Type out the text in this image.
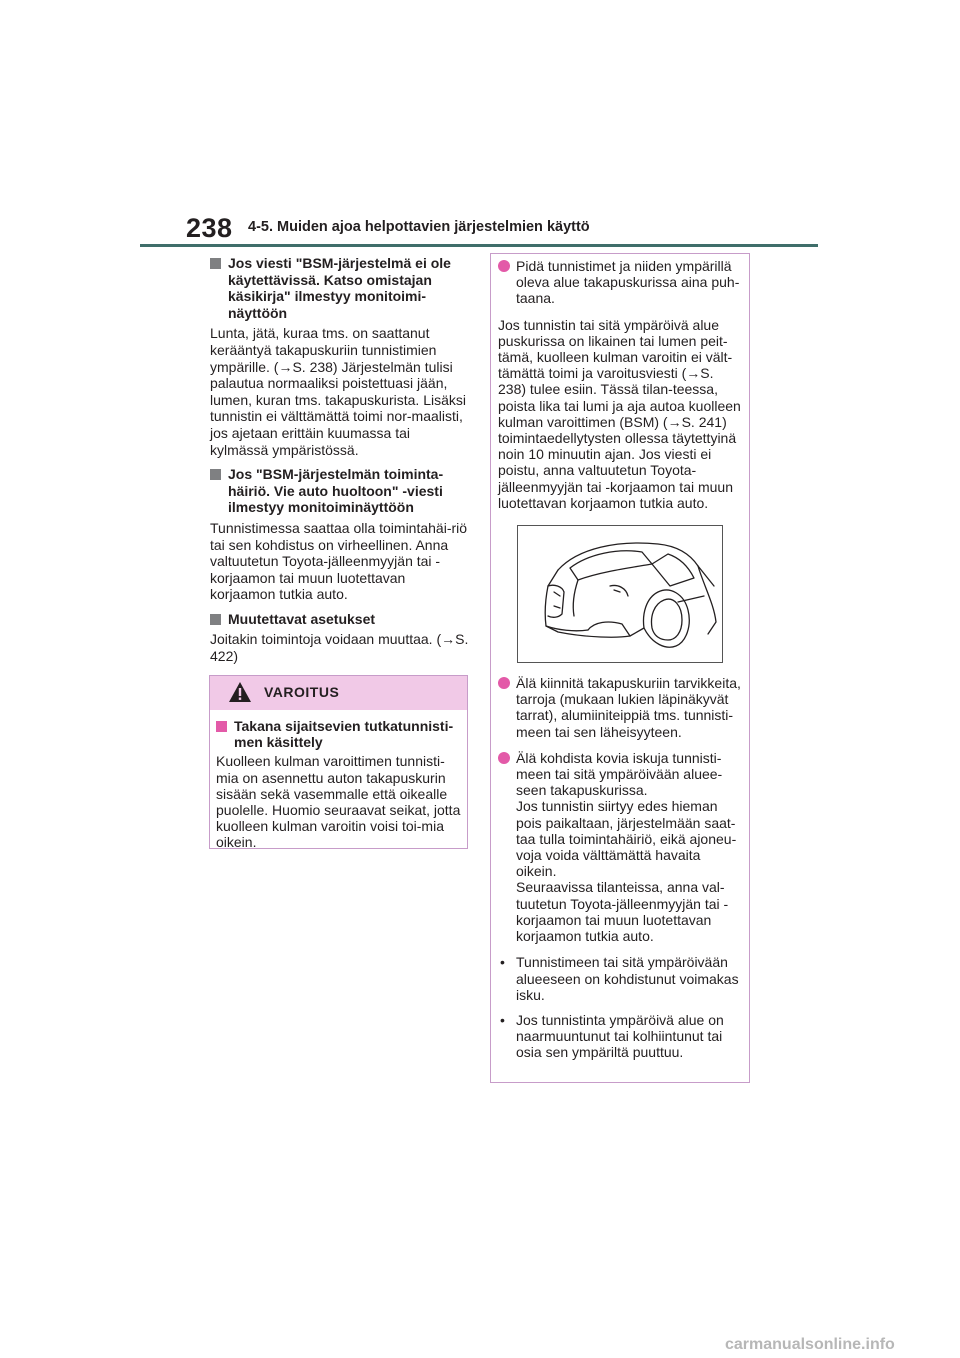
238 4-5. Muiden ajoa helpottavien järjestelmien käyttö
Jos viesti "BSM-järjestelmä ei ole käytettävissä. Katso omistajan käsikirja" ilmestyy monitoimi-näyttöön

Lunta, jätä, kuraa tms. on saattanut kerääntyä takapuskuriin tunnistimien ympärille. (→S. 238) Järjestelmän tulisi palautua normaaliksi poistettuasi jään, lumen, kuran tms. takapuskurista. Lisäksi tunnistin ei välttämättä toimi nor-maalisti, jos ajetaan erittäin kuumassa tai kylmässä ympäristössä.

Jos "BSM-järjestelmän toiminta-häiriö. Vie auto huoltoon" -viesti ilmestyy monitoiminäyttöön

Tunnistimessa saattaa olla toimintahäi-riö tai sen kohdistus on virheellinen. Anna valtuutetun Toyota-jälleenmyyjän tai -korjaamon tai muun luotettavan korjaamon tutkia auto.

Muutettavat asetukset

Joitakin toimintoja voidaan muuttaa. (→S. 422)

VAROITUS
Takana sijaitsevien tutkatunnisti-men käsittely

Kuolleen kulman varoittimen tunnisti-mia on asennettu auton takapuskurin sisään sekä vasemmalle että oikealle puolelle. Huomio seuraavat seikat, jotta kuolleen kulman varoitin voisi toi-mia oikein.

Pidä tunnistimet ja niiden ympärillä oleva alue takapuskurissa aina puh-taana.

Jos tunnistin tai sitä ympäröivä alue puskurissa on likainen tai lumen peit-tämä, kuolleen kulman varoitin ei vält-tämättä toimi ja varoitusviesti (→S. 238) tulee esiin. Tässä tilan-teessa, poista lika tai lumi ja aja autoa kuolleen kulman varoittimen (BSM) (→S. 241) toimintaedellytysten ollessa täytettyinä noin 10 minuutin ajan. Jos viesti ei poistu, anna valtuutetun Toyota-jälleenmyyjän tai -korjaamon tai muun luotettavan korjaamon tutkia auto.

Älä kiinnitä takapuskuriin tarvikkeita, tarroja (mukaan lukien läpinäkyvät tarrat), alumiiniteippiä tms. tunnisti-meen tai sen läheisyyteen.
Älä kohdista kovia iskuja tunnisti-meen tai sitä ympäröivään aluee-seen takapuskurissa.
Jos tunnistin siirtyy edes hieman pois paikaltaan, järjestelmään saat-taa tulla toimintahäiriö, eikä ajoneu-voja voida välttämättä havaita oikein.
Seuraavissa tilanteissa, anna val-tuutetun Toyota-jälleenmyyjän tai -korjaamon tai muun luotettavan korjaamon tutkia auto.
• Tunnistimeen tai sitä ympäröivään alueeseen on kohdistunut voimakas isku.
• Jos tunnistinta ympäröivä alue on naarmuuntunut tai kolhiintunut tai osia sen ympäriltä puuttuu.
carmanualsonline.info
